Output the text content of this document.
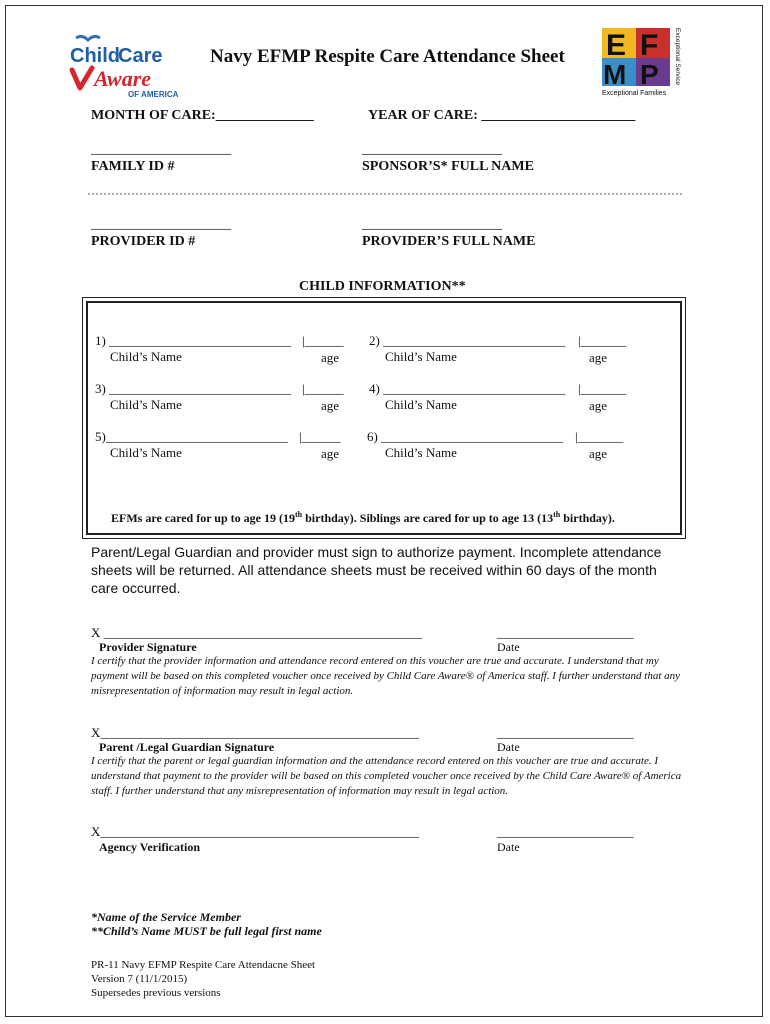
Child
Care
Aware
OF AMERICA
Navy EFMP Respite Care Attendance Sheet E F
M P
Exceptional Families
Exceptional Service
MONTH OF CARE:______________	YEAR OF CARE: ______________________
____________________
FAMILY ID #
____________________
SPONSOR’S* FULL NAME
____________________
PROVIDER ID #
____________________
PROVIDER’S FULL NAME
CHILD INFORMATION**
1) ____________________________ |______
Child’s Name	age
2) ____________________________ |_______
Child’s Name	age
3) ____________________________ |______
Child’s Name	age
4) ____________________________ |_______
Child’s Name	age
5)____________________________ |______
Child’s Name	age
6) ____________________________ |_______
Child’s Name	age
EFMs are cared for up to age 19 (19th birthday). Siblings are cared for up to age 13 (13th birthday).
Parent/Legal Guardian and provider must sign to authorize payment. Incomplete attendance sheets will be returned. All attendance sheets must be received within 60 days of the month care occurred.
X _________________________________________________	_____________________
Provider Signature	Date
I certify that the provider information and attendance record entered on this voucher are true and accurate. I understand that my payment will be based on this completed voucher once received by Child Care Aware® of America staff. I further understand that any misrepresentation of information may result in legal action.
X_________________________________________________	_____________________
Parent /Legal Guardian Signature	Date
I certify that the parent or legal guardian information and the attendance record entered on this voucher are true and accurate. I understand that payment to the provider will be based on this completed voucher once received by the Child Care Aware® of America staff. I further understand that any misrepresentation of information may result in legal action.
X_________________________________________________	_____________________
Agency Verification	Date
*Name of the Service Member
**Child’s Name MUST be full legal first name
PR-11 Navy EFMP Respite Care Attendacne Sheet
Version 7 (11/1/2015)
Supersedes previous versions
